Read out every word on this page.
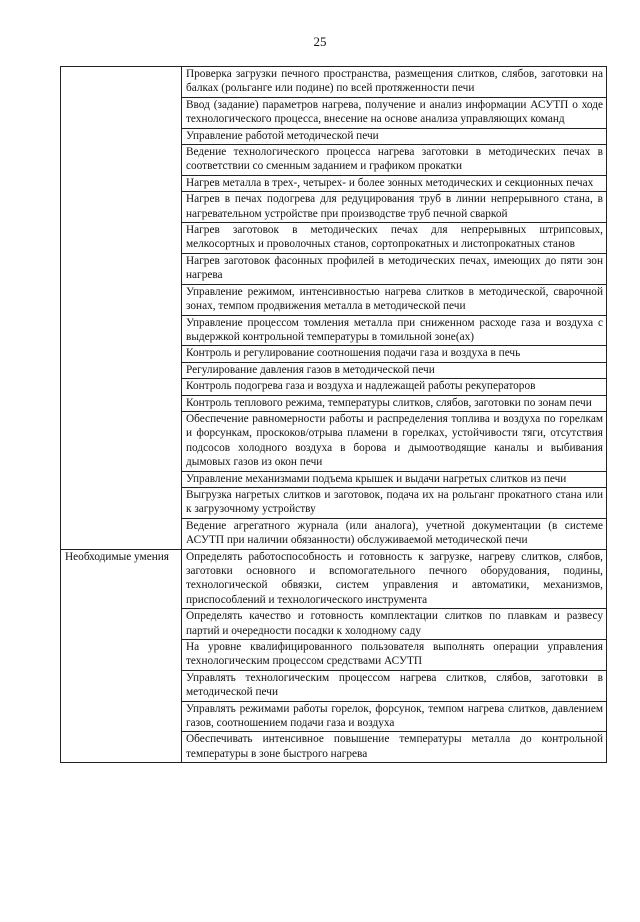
25
	Проверка загрузки печного пространства, размещения слитков, слябов, заготовки на балках (рольганге или подине) по всей протяженности печи
	Ввод (задание) параметров нагрева, получение и анализ информации АСУТП о ходе технологического процесса, внесение на основе анализа управляющих команд
	Управление работой методической печи
	Ведение технологического процесса нагрева заготовки в методических печах в соответствии со сменным заданием и графиком прокатки
	Нагрев металла в трех-, четырех- и более зонных методических и секционных печах
	Нагрев в печах подогрева для редуцирования труб в линии непрерывного стана, в нагревательном устройстве при производстве труб печной сваркой
	Нагрев заготовок в методических печах для непрерывных штрипсовых, мелкосортных и проволочных станов, сортопрокатных и листопрокатных станов
	Нагрев заготовок фасонных профилей в методических печах, имеющих до пяти зон нагрева
	Управление режимом, интенсивностью нагрева слитков в методической, сварочной зонах, темпом продвижения металла в методической печи
	Управление процессом томления металла при сниженном расходе газа и воздуха с выдержкой контрольной температуры в томильной зоне(ах)
	Контроль и регулирование соотношения подачи газа и воздуха в печь
	Регулирование давления газов в методической печи
	Контроль подогрева газа и воздуха и надлежащей работы рекуператоров
	Контроль теплового режима, температуры слитков, слябов, заготовки по зонам печи
	Обеспечение равномерности работы и распределения топлива и воздуха по горелкам и форсункам, проскоков/отрыва пламени в горелках, устойчивости тяги, отсутствия подсосов холодного воздуха в борова и дымоотводящие каналы и выбивания дымовых газов из окон печи
	Управление механизмами подъема крышек и выдачи нагретых слитков из печи
	Выгрузка нагретых слитков и заготовок, подача их на рольганг прокатного стана или к загрузочному устройству
	Ведение агрегатного журнала (или аналога), учетной документации (в системе АСУТП при наличии обязанности) обслуживаемой методической печи
Необходимые умения	Определять работоспособность и готовность к загрузке, нагреву слитков, слябов, заготовки основного и вспомогательного печного оборудования, подины, технологической обвязки, систем управления и автоматики, механизмов, приспособлений и технологического инструмента
	Определять качество и готовность комплектации слитков по плавкам и развесу партий и очередности посадки к холодному саду
	На уровне квалифицированного пользователя выполнять операции управления технологическим процессом средствами АСУТП
	Управлять технологическим процессом нагрева слитков, слябов, заготовки в методической печи
	Управлять режимами работы горелок, форсунок, темпом нагрева слитков, давлением газов, соотношением подачи газа и воздуха
	Обеспечивать интенсивное повышение температуры металла до контрольной температуры в зоне быстрого нагрева
